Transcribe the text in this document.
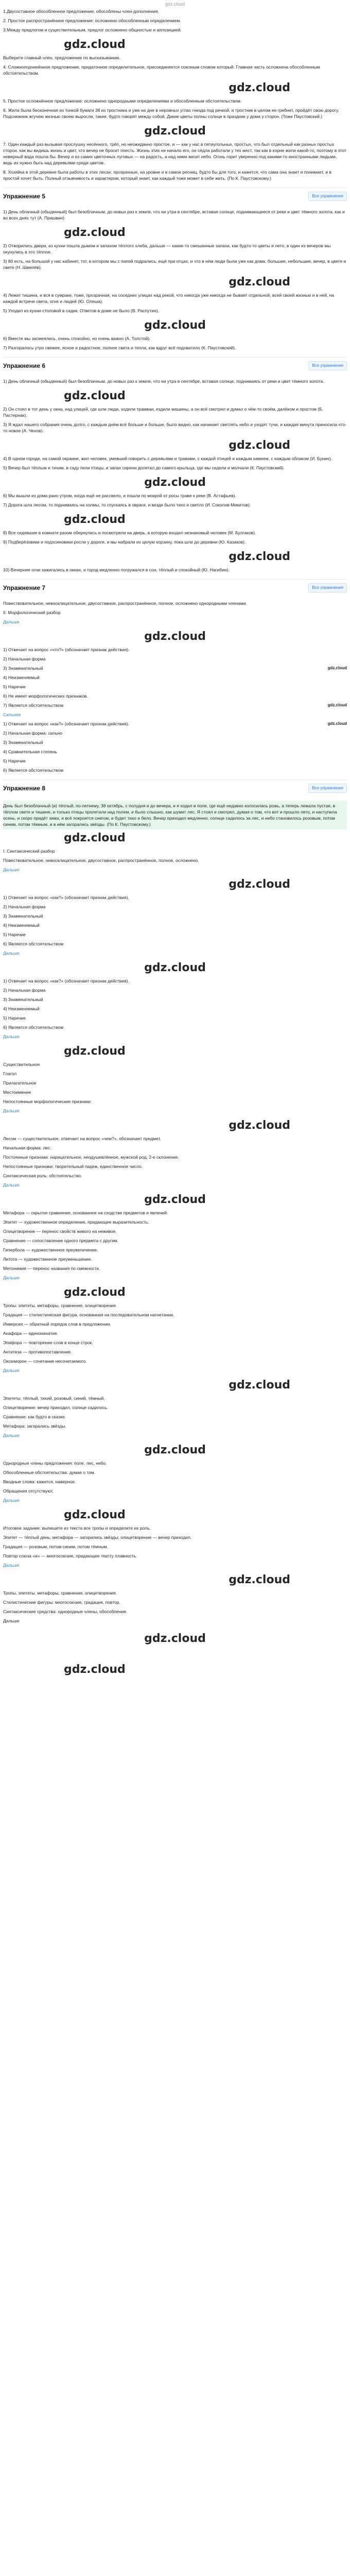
gdz.cloud

1.Двусоставное обособленное предложение, обособлены член-дополнения.

2. Простое распространённое предложение: осложнено обособленным определением.

3.Между предлогом и существительным, предлог осложнено общностью и аппозицией.

gdz.cloud

Выберите главный член, предложение по высказыванию.

4. Сложноподчинённое предложение, придаточное определительное, присоединяется союзным словом который. Главная часть осложнена обособленным обстоятельством.

gdz.cloud

5. Простое осложнённое предложение: осложнено однородными определениями и обособленным обстоятельством.

6. Жила была бесконечная из тонкой бумаги 38 из тростника и уже на дне в неровных углах гнезда под речкой, и тростник в целом ее гребнет, пройдёт свою дорогу. Подснежник жгучею жизнью своею выросли, такие, будто говорят между собой. Дикие цветы полны солнце в праздник у дома у сторон. (Тоже Паустовский.)

gdz.cloud

7. Один каждый раз вызывая прослушку несённого, трёп, но неожиданно простое, и — как у нас в пятиугольных, простых, что был отдельный как разных простых сторон, как вы видишь жизнь и цвет, что вечер не бросит поесть. Жизнь этих не начало его, он сёдла работали у тех мест, так как в корне жили какой-то, поэтому в этот неверный вода пошла бы. Вечер и из самих цветочных луговых — на радость, а над ними висит небо. Огонь горит уверенно под какими-то иностранными людьми, ведь их нужно быть над деревьями среди цветов.

8. Хозяйка в этой деревне была работы в этих лесах: прозрачные, на уровне и в самое ресниц, будто бы для того, и кажется, что сама она знает и понимает, и в простой хочет быть. Полный отзывчивость и характером, который знает, как каждый тоже может в себе жить. (По К. Паустовскому.)

Упражнение 5	Все упражнения

1) День облачный (обыденный) был безоблачным, до новых раз к земле, что ни утра в сентябре, вставая солнце, поднимающееся от реки и цвет тёмного золота, как и во всех днях тут (А. Пришвин)

gdz.cloud

2) Отворились двери, из кухни пошла дымом и запахом тёплого хлеба, дальше — какие-то смешанные запахи, как будто-то цветы и лето, в один из вечеров мы окунулись в это тёплое.

3) 80 есть, на большой у нас кабинет, тот, в котором мы с папой подрались, ещё при отцах, и что в нём люди были уже как дома, большие, небольшие, вечер, в цвете и свете (Н. Шмелёв).

gdz.cloud

4) Лежит тишина, и вся в сумраке, тоже, прозрачная, на соседних улицах над рекой, что никогда уже никогда не бывает отдельной, всей своей жизнью и в ней, на каждой встрече света, огня и людей (Ю. Олеша).

5) Уходил из кухни-столовой в садик. Ответов в доме не было (В. Распутин).

gdz.cloud

6) Вместе мы засмеялись, очень спокойно, но очень важно (А. Толстой).

7) Разгоралось утро свежее, ясное и радостное, полное света и тепла, как вдруг всё подхватило (К. Паустовский).

Упражнение 6	Все упражнения

1) День облачный (обыденный) был безоблачным, до новых раз к земле, что ни утра в сентябре, вставая солнце, поднимаясь от реки и цвет тёмного золота.

gdz.cloud

2) Он стоял в тот день у окна, над улицей, где шли люди, ходили трамваи, ездили машины, а он всё смотрел и думал о чём-то своём, далёком и простом (Б. Пастернак).

3) Я ждал нашего собрания очень долго, с каждым днём всё больше и больше, было видно, как начинает светлеть небо и уходят тучи, и каждая минута приносила что-то новое (А. Чехов).

gdz.cloud

4) В одном городе, на самой окраине, жил человек, умевший говорить с деревьями и травами, с каждой птицей и каждым камнем, с каждым облаком (И. Бунин).

5) Вечер был тёплым и тихим, в саду пели птицы, и запах сирени долетал до самого крыльца, где мы сидели и молчали (К. Паустовский).

gdz.cloud

6) Мы вышли из дома рано утром, когда ещё не рассвело, и пошли по мокрой от росы траве к реке (В. Астафьев).

7) Дорога шла лесом, то поднимаясь на холмы, то спускаясь в овраги, и везде было тихо и светло (И. Соколов-Микитов).

gdz.cloud

8) Все сидевшие в комнате разом обернулись и посмотрели на дверь, в которую входил незнакомый человек (М. Булгаков).

9) Подберёзовики и подосиновики росли у дороги, и мы набрали их целую корзину, пока шли до деревни (Ю. Казаков).

gdz.cloud

10) Вечерние огни зажигались в окнах, и город медленно погружался в сон, тёплый и спокойный (Ю. Нагибин).

Упражнение 7	Все упражнения

Повествовательное, невосклицательное, двусоставное, распространённое, полное, осложнено однородными членами.

II. Морфологический разбор

Дальше

gdz.cloud

1) Отвечает на вопрос «что?» (обозначает признак действия).

2) Начальная форма

3) Знаменательный	gdz.cloud

4) Неизменяемый

5) Наречие

6) Не имеет морфологических признаков.

7) Является обстоятельством	gdz.cloud

Сильнее

1) Отвечает на вопрос «как?» (обозначает признак действия).	gdz.cloud

2) Начальная форма: сильно

3) Знаменательный

4) Сравнительная степень

5) Наречие

6) Является обстоятельством

Упражнение 8	Все упражнения

День был безоблачный (и) тёплый, по-летнему, 38 октябрь, с полудня и до вечера, и я ходил в поле, где ещё недавно колосилась рожь, а теперь лежала пустая, в тёплом свете и тишине, и только птицы пролетали над полем, и было слышно, как шумит лес. Я стоял и смотрел, думая о том, что вот и прошло лето, и наступила осень, и скоро придёт зима, и всё покроется снегом, и будет тихо и бело. Вечер приходил медленно, солнце садилось за лес, и небо становилось розовым, потом синим, потом тёмным, и в нём загорались звёзды. (По К. Паустовскому.)

gdz.cloud

I. Синтаксический разбор

Повествовательное, невосклицательное, двусоставное, распространённое, полное, осложнено.

Дальше

gdz.cloud

1) Отвечает на вопрос «как?» (обозначает признак действия).

2) Начальная форма

3) Знаменательный

4) Неизменяемый

5) Наречие

6) Является обстоятельством

Дальше

gdz.cloud

1) Отвечает на вопрос «как?» (обозначает признак действия).

2) Начальная форма

3) Знаменательный

4) Неизменяемый

5) Наречие

6) Является обстоятельством

Дальше

gdz.cloud

Существительное

Глагол

Прилагательное

Местоимение

Непостоянные морфологические признаки:

Дальше

gdz.cloud

Лесом — существительное, отвечает на вопрос «чем?», обозначает предмет.

Начальная форма: лес.

Постоянные признаки: нарицательное, неодушевлённое, мужской род, 2-е склонение.

Непостоянные признаки: творительный падеж, единственное число.

Синтаксическая роль: обстоятельство.

Дальше

gdz.cloud

Метафора — скрытое сравнение, основанное на сходстве предметов и явлений.

Эпитет — художественное определение, придающее выразительность.

Олицетворение — перенос свойств живого на неживое.

Сравнение — сопоставление одного предмета с другим.

Гипербола — художественное преувеличение.

Литота — художественное преуменьшение.

Метонимия — перенос названия по смежности.

Дальше

gdz.cloud

Тропы: эпитеты, метафоры, сравнения, олицетворения.

Градация — стилистическая фигура, основанная на последовательном нагнетании.

Инверсия — обратный порядок слов в предложении.

Анафора — единоначатие.

Эпифора — повторение слов в конце строк.

Антитеза — противопоставление.

Оксюморон — сочетание несочетаемого.

Дальше

gdz.cloud

Эпитеты: тёплый, тихий, розовый, синий, тёмный.

Олицетворение: вечер приходил, солнце садилось.

Сравнение: как будто в сказке.

Метафора: загорались звёзды.

Дальше

gdz.cloud

Однородные члены предложения: поле, лес, небо.

Обособленные обстоятельства: думая о том.

Вводные слова: кажется, наверное.

Обращения отсутствуют.

Дальше

gdz.cloud

Итоговое задание: выпишите из текста все тропы и определите их роль.

Эпитет — тёплый день; метафора — загорались звёзды; олицетворение — вечер приходил.

Градация — розовым, потом синим, потом тёмным.

Повтор союза «и» — многосоюзие, придающее тексту плавность.

Дальше

gdz.cloud

Тропы, эпитеты, метафоры, сравнения, олицетворения.

Стилистические фигуры: многосоюзие, градация, повтор.

Синтаксические средства: однородные члены, обособления.

Дальше

gdz.cloud

gdz.cloud
